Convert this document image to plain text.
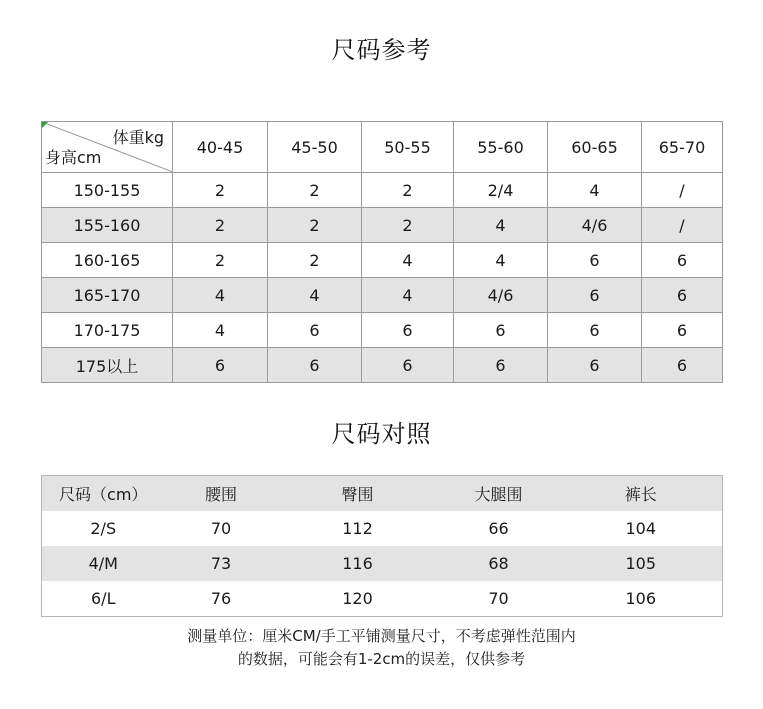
尺码参考
体重kg
身高cm	40-45	45-50	50-55	55-60	60-65	65-70
150-155	2	2	2	2/4	4	/
155-160	2	2	2	4	4/6	/
160-165	2	2	4	4	6	6
165-170	4	4	4	4/6	6	6
170-175	4	6	6	6	6	6
175以上	6	6	6	6	6	6
尺码对照
尺码（cm）	腰围	臀围	大腿围	裤长
2/S	70	112	66	104
4/M	73	116	68	105
6/L	76	120	70	106
测量单位：厘米CM/手工平铺测量尺寸，不考虑弹性范围内
的数据，可能会有1-2cm的误差，仅供参考
